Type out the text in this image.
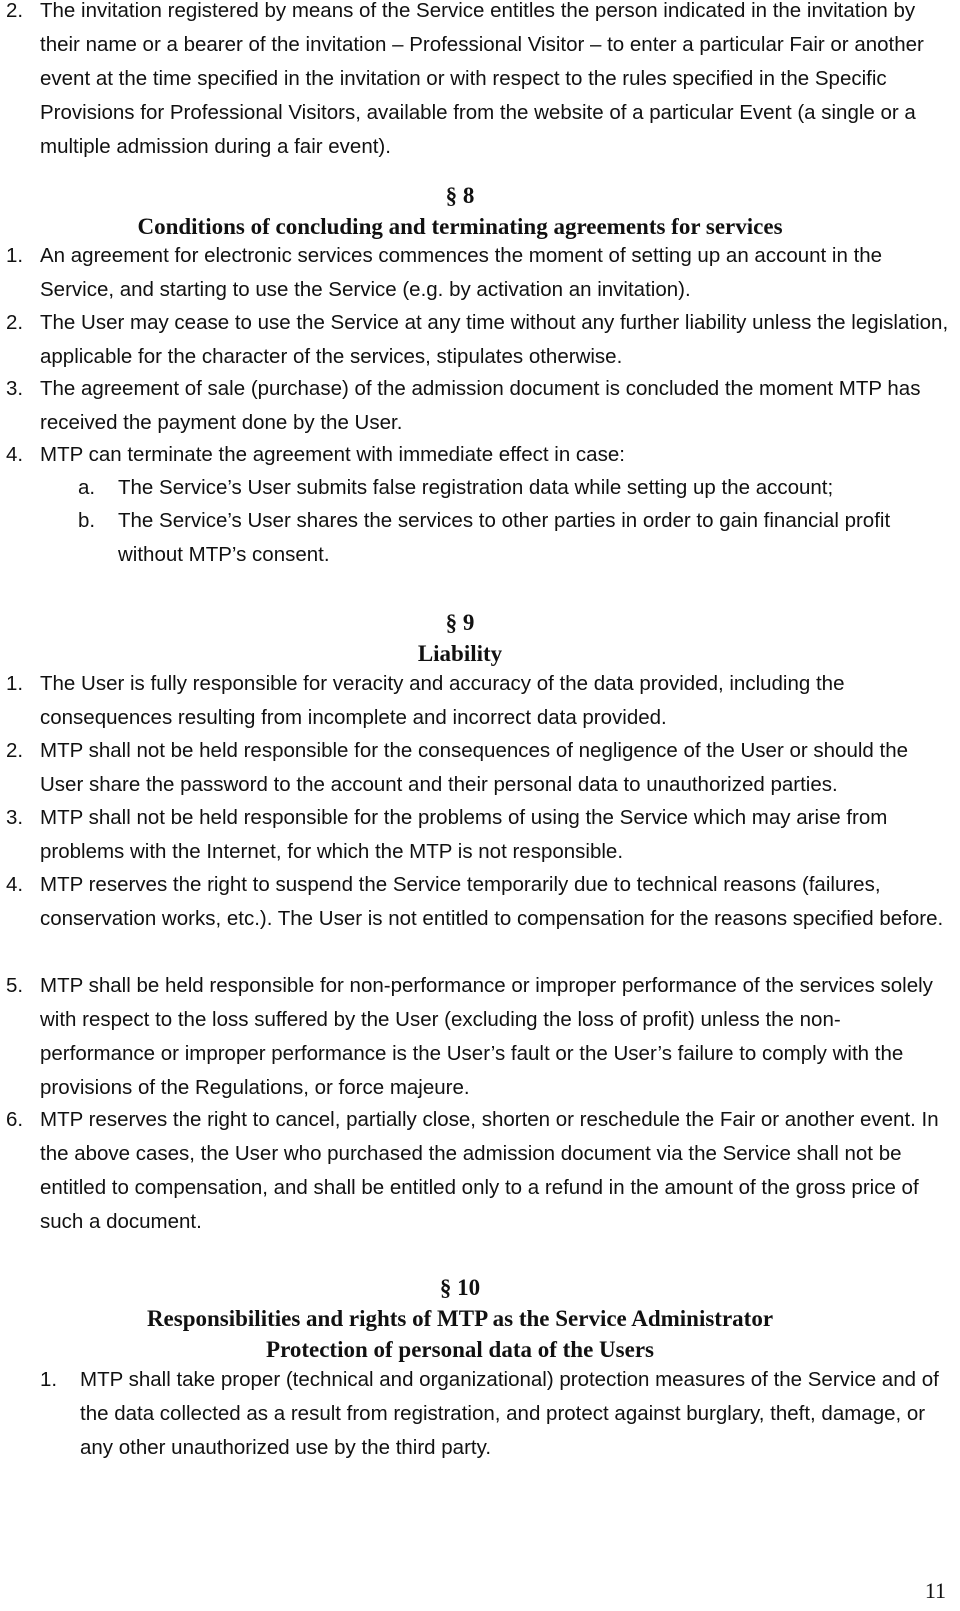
2. The invitation registered by means of the Service entitles the person indicated in the invitation by their name or a bearer of the invitation – Professional Visitor – to enter a particular Fair or another event at the time specified in the invitation or with respect to the rules specified in the Specific Provisions for Professional Visitors, available from the website of a particular Event (a single or a multiple admission during a fair event).
§ 8
Conditions of concluding and terminating agreements for services
1. An agreement for electronic services commences the moment of setting up an account in the Service, and starting to use the Service (e.g. by activation an invitation).
2. The User may cease to use the Service at any time without any further liability unless the legislation, applicable for the character of the services, stipulates otherwise.
3. The agreement of sale (purchase) of the admission document is concluded the moment MTP has received the payment done by the User.
4. MTP can terminate the agreement with immediate effect in case:
a. The Service’s User submits false registration data while setting up the account;
b. The Service’s User shares the services to other parties in order to gain financial profit without MTP’s consent.
§ 9
Liability
1. The User is fully responsible for veracity and accuracy of the data provided, including the consequences resulting from incomplete and incorrect data provided.
2. MTP shall not be held responsible for the consequences of negligence of the User or should the User share the password to the account and their personal data to unauthorized parties.
3. MTP shall not be held responsible for the problems of using the Service which may arise from problems with the Internet, for which the MTP is not responsible.
4. MTP reserves the right to suspend the Service temporarily due to technical reasons (failures, conservation works, etc.). The User is not entitled to compensation for the reasons specified before.
5. MTP shall be held responsible for non-performance or improper performance of the services solely with respect to the loss suffered by the User (excluding the loss of profit) unless the non-performance or improper performance is the User’s fault or the User’s failure to comply with the provisions of the Regulations, or force majeure.
6. MTP reserves the right to cancel, partially close, shorten or reschedule the Fair or another event. In the above cases, the User who purchased the admission document via the Service shall not be entitled to compensation, and shall be entitled only to a refund in the amount of the gross price of such a document.
§ 10
Responsibilities and rights of MTP as the Service Administrator
Protection of personal data of the Users
1. MTP shall take proper (technical and organizational) protection measures of the Service and of the data collected as a result from registration, and protect against burglary, theft, damage, or any other unauthorized use by the third party.
11
